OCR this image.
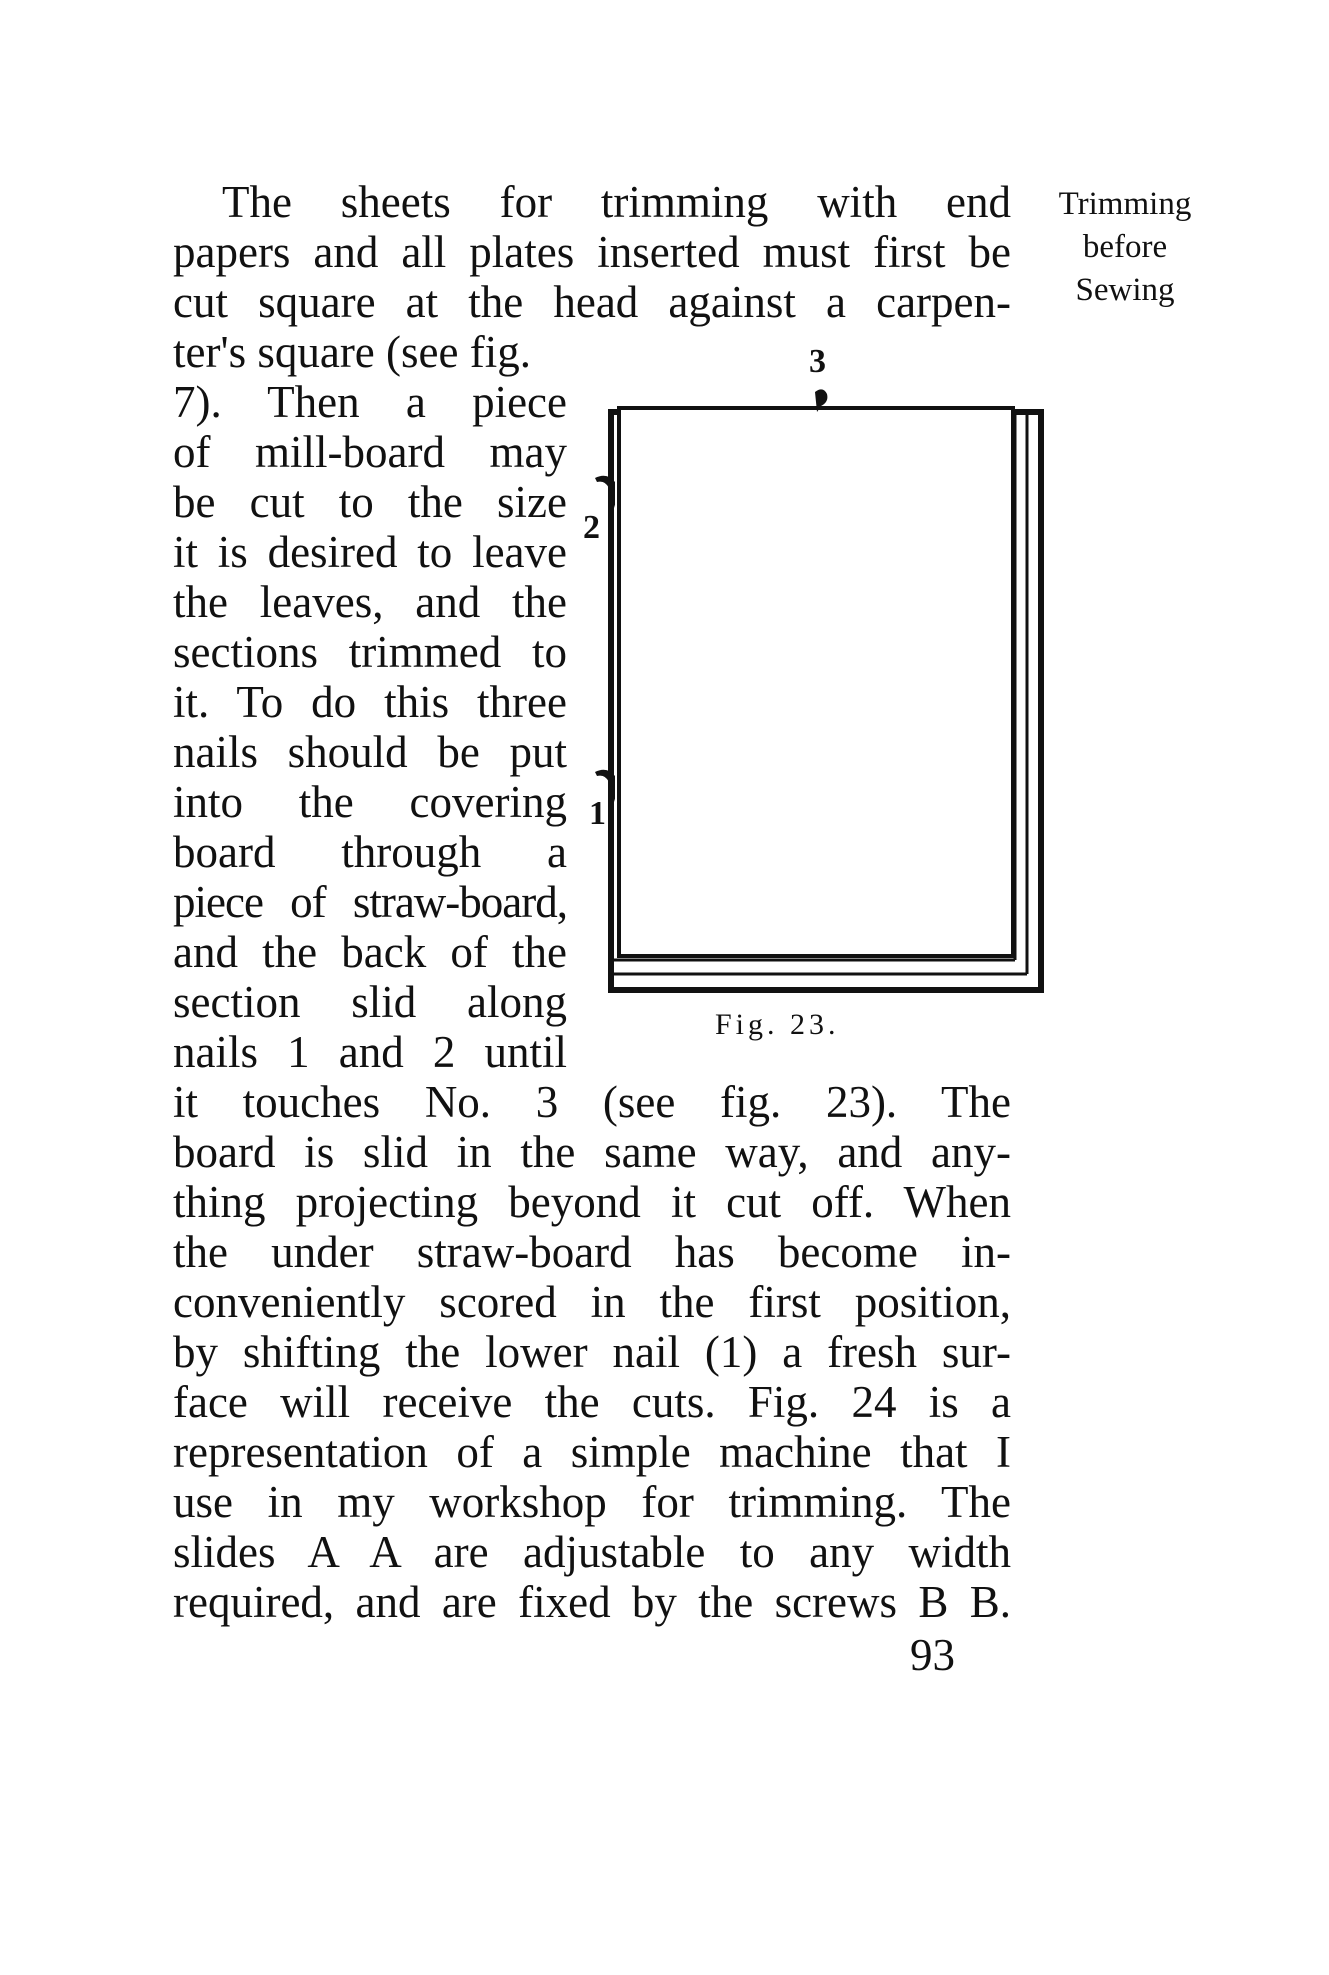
Trimming
before
Sewing
The sheets for trimming with end
papers and all plates inserted must first be
cut square at the head against a carpen-
ter's square (see fig.
7). Then a piece
of mill-board may
be cut to the size
it is desired to leave
the leaves, and the
sections trimmed to
it. To do this three
nails should be put
into the covering
board through a
piece of straw-board,
and the back of the
section slid along
nails 1 and 2 until
it touches No. 3 (see fig. 23). The
board is slid in the same way, and any-
thing projecting beyond it cut off. When
the under straw-board has become in-
conveniently scored in the first position,
by shifting the lower nail (1) a fresh sur-
face will receive the cuts. Fig. 24 is a
representation of a simple machine that I
use in my workshop for trimming. The
slides A A are adjustable to any width
required, and are fixed by the screws B B.
3
2
1
Fig. 23.
93
